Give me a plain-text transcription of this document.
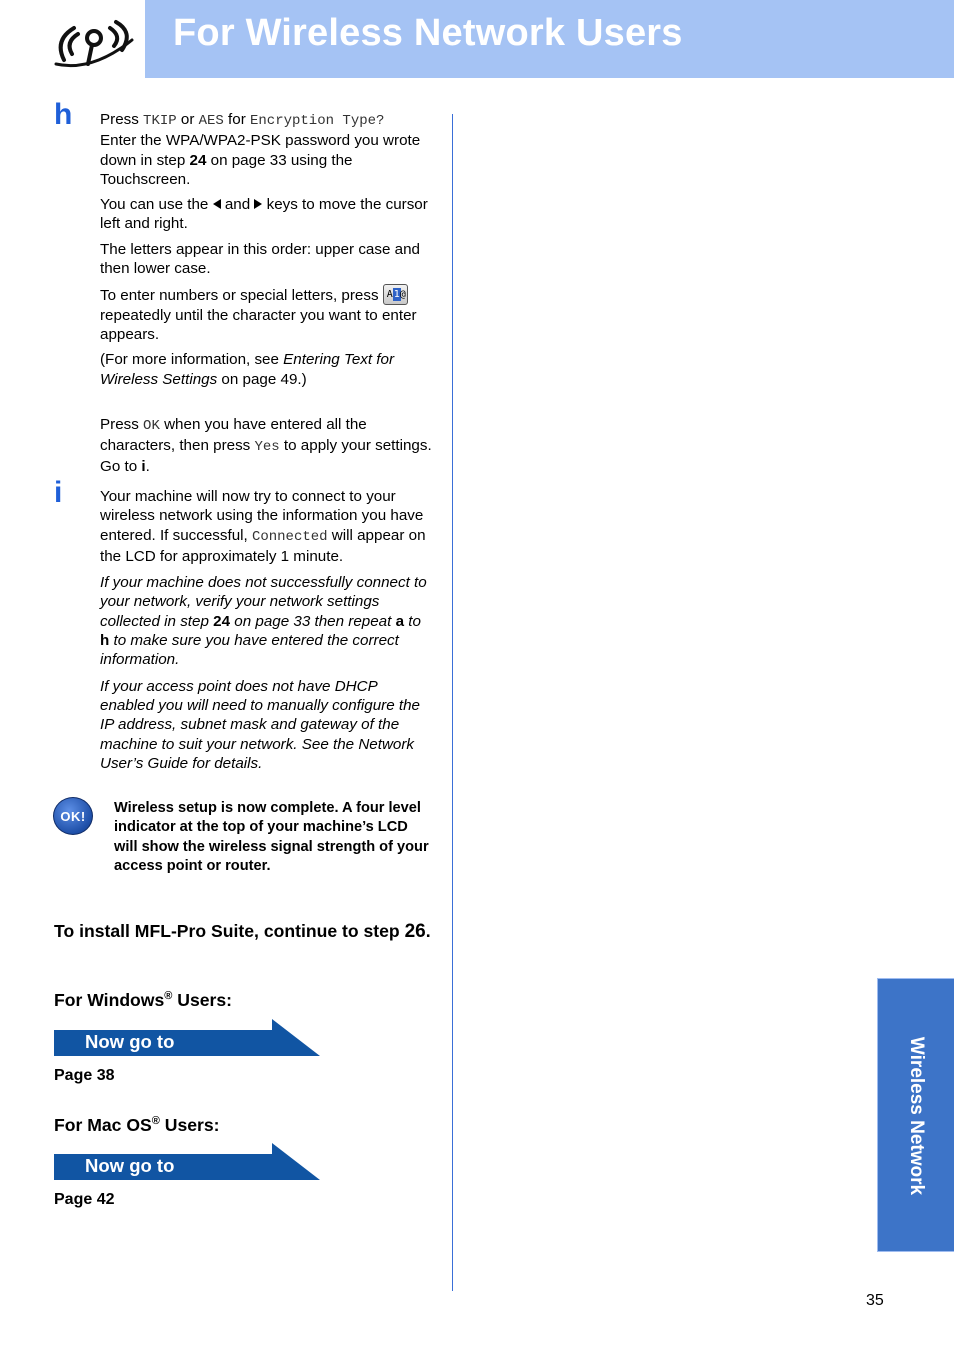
For Wireless Network Users
h Press TKIP or AES for Encryption Type?
Enter the WPA/WPA2-PSK password you wrote down in step 24 on page 33 using the Touchscreen.

You can use the  and  keys to move the cursor left and right.

The letters appear in this order: upper case and then lower case.

To enter numbers or special letters, press A 1 @

repeatedly until the character you want to enter appears.

(For more information, see Entering Text for Wireless Settings on page 49.)

Press OK when you have entered all the characters, then press Yes to apply your settings. Go to i.

i Your machine will now try to connect to your wireless network using the information you have entered. If successful, Connected will appear on the LCD for approximately 1 minute.

If your machine does not successfully connect to your network, verify your network settings collected in step 24 on page 33 then repeat a to h to make sure you have entered the correct information.

If your access point does not have DHCP enabled you will need to manually configure the IP address, subnet mask and gateway of the machine to suit your network. See the Network User’s Guide for details.

OK!	Wireless setup is now complete. A four level indicator at the top of your machine’s LCD will show the wireless signal strength of your access point or router.
To install MFL-Pro Suite, continue to step 26.
For Windows® Users:
Now go to
Page 38
For Mac OS® Users:
Now go to
Page 42
Wireless Network
35
